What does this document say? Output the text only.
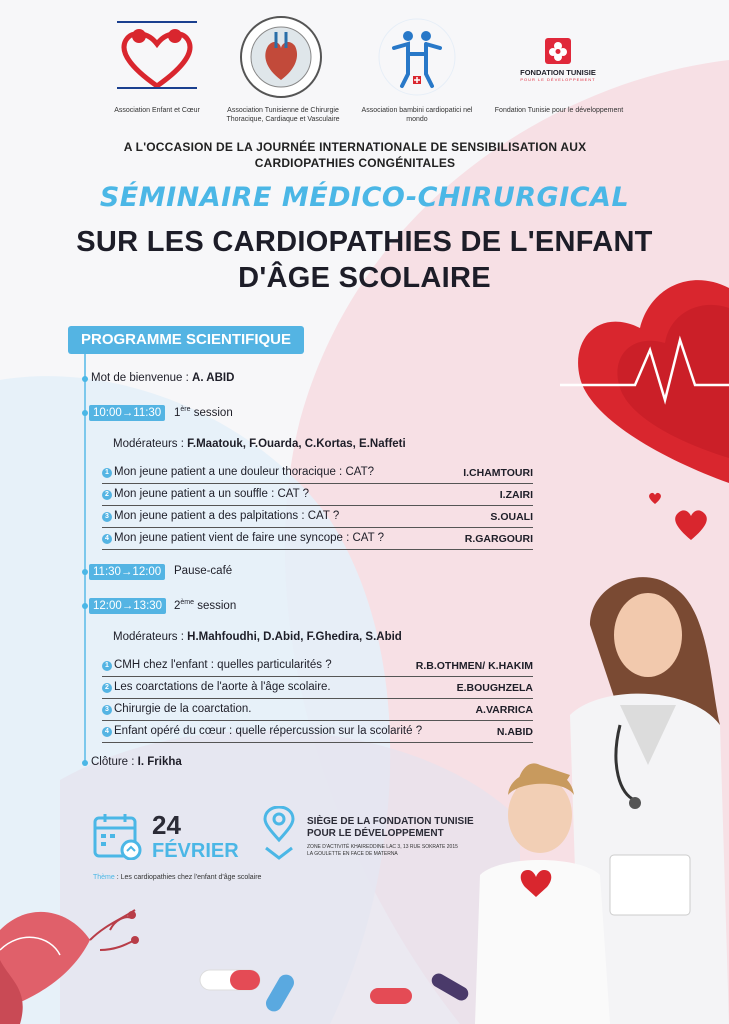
Association Enfant et Cœur	Association Tunisienne de Chirurgie Thoracique, Cardiaque et Vasculaire
Association bambini cardiopatici nel mondo
FONDATION TUNISIE
POUR LE DÉVELOPPEMENT
Fondation Tunisie pour le développement
A L'OCCASION DE LA JOURNÉE INTERNATIONALE DE SENSIBILISATION AUX CARDIOPATHIES CONGÉNITALES
SÉMINAIRE MÉDICO-CHIRURGICAL
SUR LES CARDIOPATHIES DE L'ENFANT
D'ÂGE SCOLAIRE
PROGRAMME SCIENTIFIQUE
Mot de bienvenue : A. ABID
10:00→11:30	1ère session
Modérateurs : F.Maatouk, F.Ouarda, C.Kortas, E.Naffeti
1 Mon jeune patient a une douleur thoracique : CAT?	I.CHAMTOURI
2 Mon jeune patient a un souffle : CAT ?	I.ZAIRI
3 Mon jeune patient a des palpitations : CAT ?	S.OUALI
4 Mon jeune patient vient de faire une syncope : CAT ?	R.GARGOURI
11:30→12:00	Pause-café
12:00→13:30	2ème session
Modérateurs : H.Mahfoudhi, D.Abid, F.Ghedira, S.Abid
1 CMH chez l'enfant : quelles particularités ?	R.B.OTHMEN/ K.HAKIM
2 Les coarctations de l'aorte à l'âge scolaire.	E.BOUGHZELA
3 Chirurgie de la coarctation.	A.VARRICA
4 Enfant opéré du cœur : quelle répercussion sur la scolarité ?	N.ABID
Clôture : I. Frikha
24
FÉVRIER
SIÈGE DE LA FONDATION TUNISIE
POUR LE DÉVELOPPEMENT
ZONE D'ACTIVITÉ KHAIREDDINE LAC 3, 13 RUE SOKRATE 2015
LA GOULETTE EN FACE DE MATERNA
Thème : Les cardiopathies chez l'enfant d'âge scolaire
